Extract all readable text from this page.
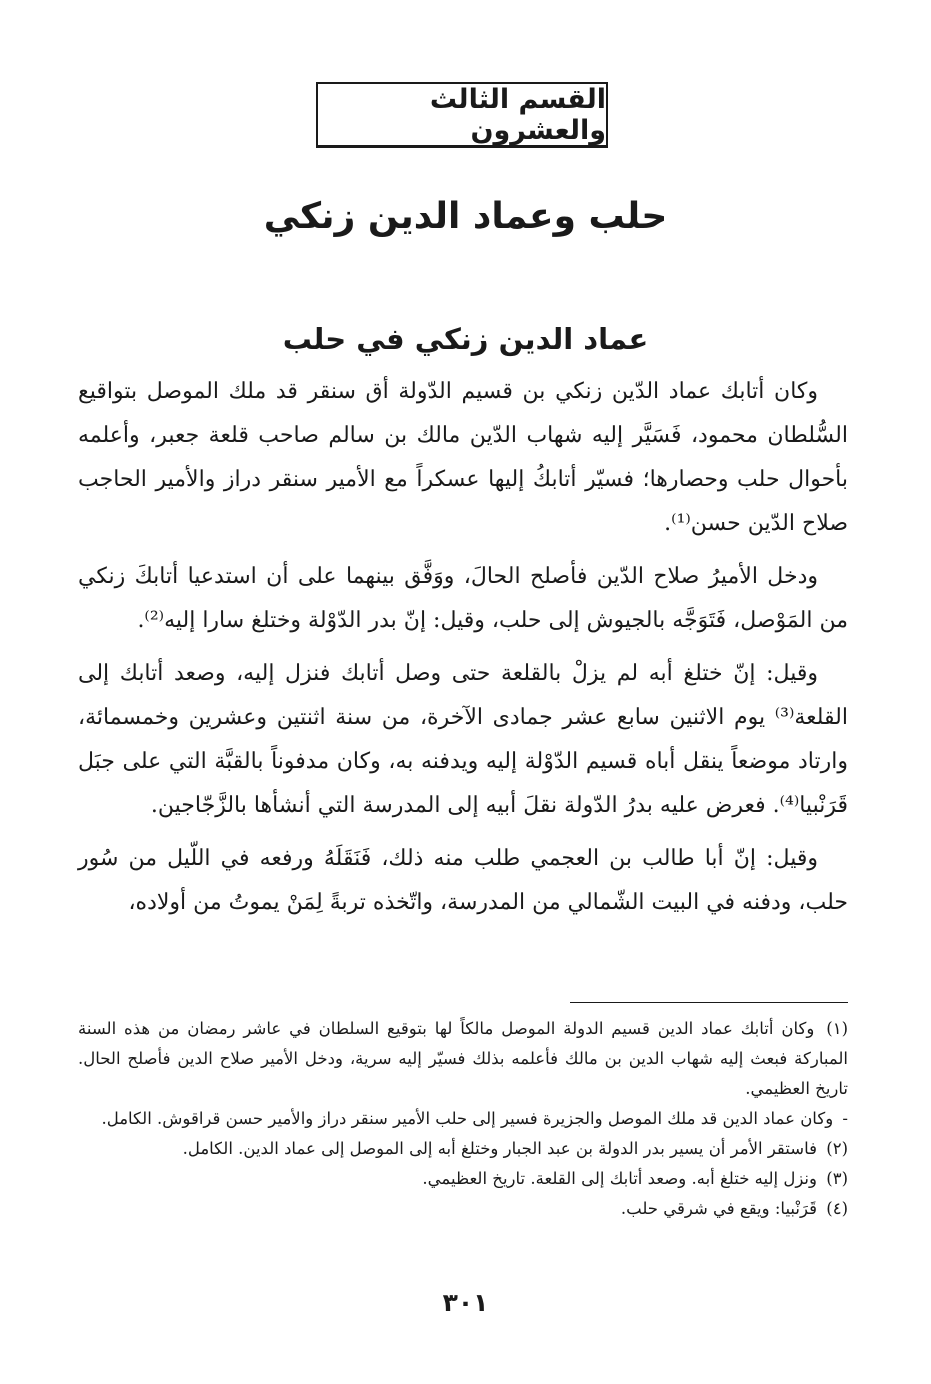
القسم الثالث والعشرون
حلب وعماد الدين زنكي
عماد الدين زنكي في حلب

وكان أتابك عماد الدّين زنكي بن قسيم الدّولة أق سنقر قد ملك الموصل بتواقيع السُّلطان محمود، فَسَيَّر إليه شهاب الدّين مالك بن سالم صاحب قلعة جعبر، وأعلمه بأحوال حلب وحصارها؛ فسيّر أتابكُ إليها عسكراً مع الأمير سنقر دراز والأمير الحاجب صلاح الدّين حسن⁽¹⁾.

ودخل الأميرُ صلاح الدّين فأصلح الحالَ، ووَفَّق بينهما على أن استدعيا أتابكَ زنكي من المَوْصل، فَتَوَجَّه بالجيوش إلى حلب، وقيل: إنّ بدر الدّوْلة وختلغ سارا إليه⁽²⁾.

وقيل: إنّ ختلغ أبه لم يزلْ بالقلعة حتى وصل أتابك فنزل إليه، وصعد أتابك إلى القلعة⁽³⁾ يوم الاثنين سابع عشر جمادى الآخرة، من سنة اثنتين وعشرين وخمسمائة، وارتاد موضعاً ينقل أباه قسيم الدّوْلة إليه ويدفنه به، وكان مدفوناً بالقبَّة التي على جبَل قَرَنْبيا⁽⁴⁾. فعرض عليه بدرُ الدّولة نقلَ أبيه إلى المدرسة التي أنشأها بالزَّجّاجين.

وقيل: إنّ أبا طالب بن العجمي طلب منه ذلك، فَنَقَلَهُ ورفعه في اللّيل من سُور حلب، ودفنه في البيت الشّمالي من المدرسة، واتّخذه تربةً لِمَنْ يموتُ من أولاده،

(١) وكان أتابك عماد الدين قسيم الدولة الموصل مالكاً لها بتوقيع السلطان في عاشر رمضان من هذه السنة المباركة فبعث إليه شهاب الدين بن مالك فأعلمه بذلك فسيّر إليه سرية، ودخل الأمير صلاح الدين فأصلح الحال. تاريخ العظيمي.

- وكان عماد الدين قد ملك الموصل والجزيرة فسير إلى حلب الأمير سنقر دراز والأمير حسن قراقوش. الكامل.

(٢) فاستقر الأمر أن يسير بدر الدولة بن عبد الجبار وختلغ أبه إلى الموصل إلى عماد الدين. الكامل.

(٣) ونزل إليه ختلغ أبه. وصعد أتابك إلى القلعة. تاريخ العظيمي.

(٤) قَرَنْبيا: ويقع في شرقي حلب.

٣٠١
